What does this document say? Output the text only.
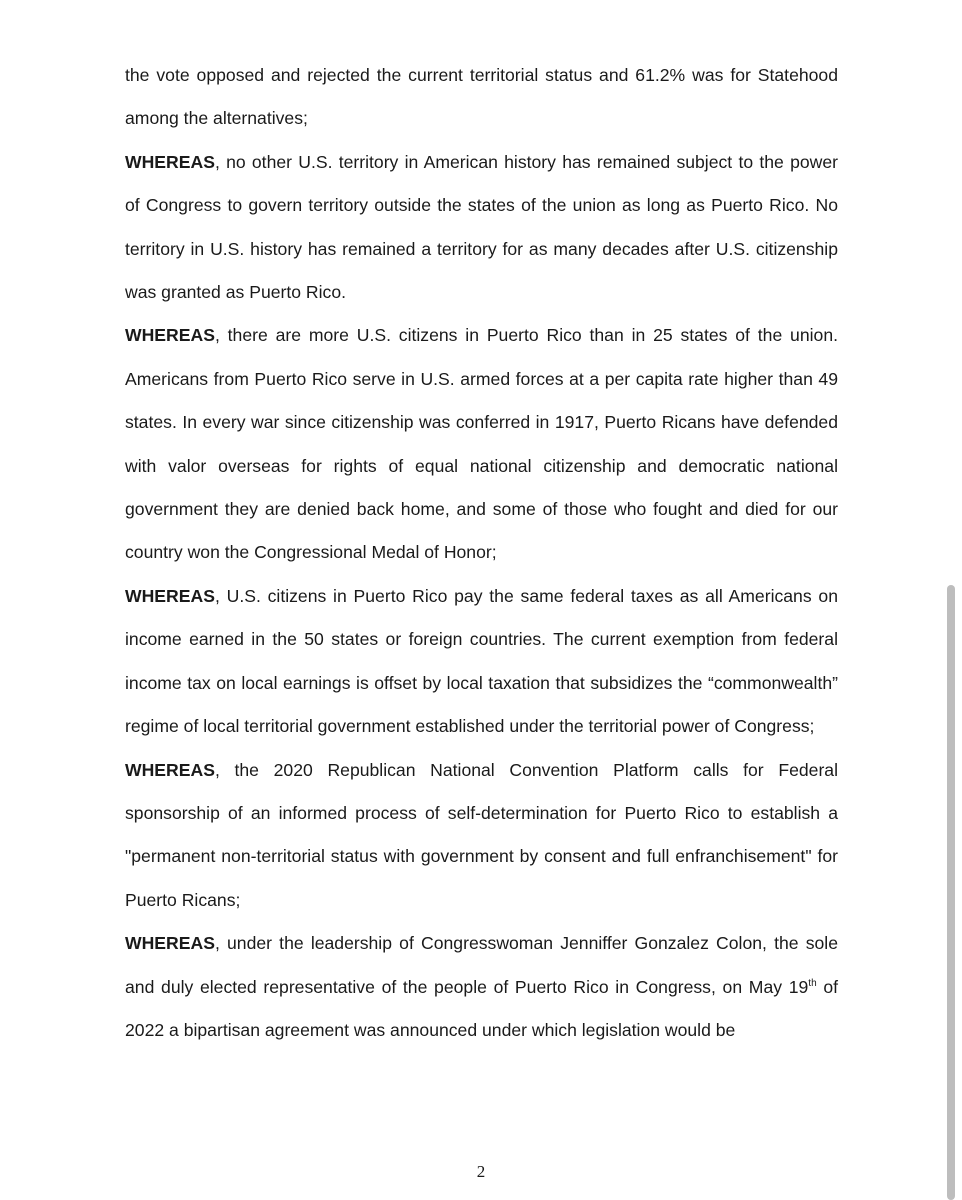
the vote opposed and rejected the current territorial status and 61.2% was for Statehood among the alternatives;

WHEREAS, no other U.S. territory in American history has remained subject to the power of Congress to govern territory outside the states of the union as long as Puerto Rico. No territory in U.S. history has remained a territory for as many decades after U.S. citizenship was granted as Puerto Rico.

WHEREAS, there are more U.S. citizens in Puerto Rico than in 25 states of the union. Americans from Puerto Rico serve in U.S. armed forces at a per capita rate higher than 49 states. In every war since citizenship was conferred in 1917, Puerto Ricans have defended with valor overseas for rights of equal national citizenship and democratic national government they are denied back home, and some of those who fought and died for our country won the Congressional Medal of Honor;

WHEREAS, U.S. citizens in Puerto Rico pay the same federal taxes as all Americans on income earned in the 50 states or foreign countries. The current exemption from federal income tax on local earnings is offset by local taxation that subsidizes the “commonwealth” regime of local territorial government established under the territorial power of Congress;

WHEREAS, the 2020 Republican National Convention Platform calls for Federal sponsorship of an informed process of self-determination for Puerto Rico to establish a "permanent non-territorial status with government by consent and full enfranchisement" for Puerto Ricans;

WHEREAS, under the leadership of Congresswoman Jenniffer Gonzalez Colon, the sole and duly elected representative of the people of Puerto Rico in Congress, on May 19th of 2022 a bipartisan agreement was announced under which legislation would be

2
